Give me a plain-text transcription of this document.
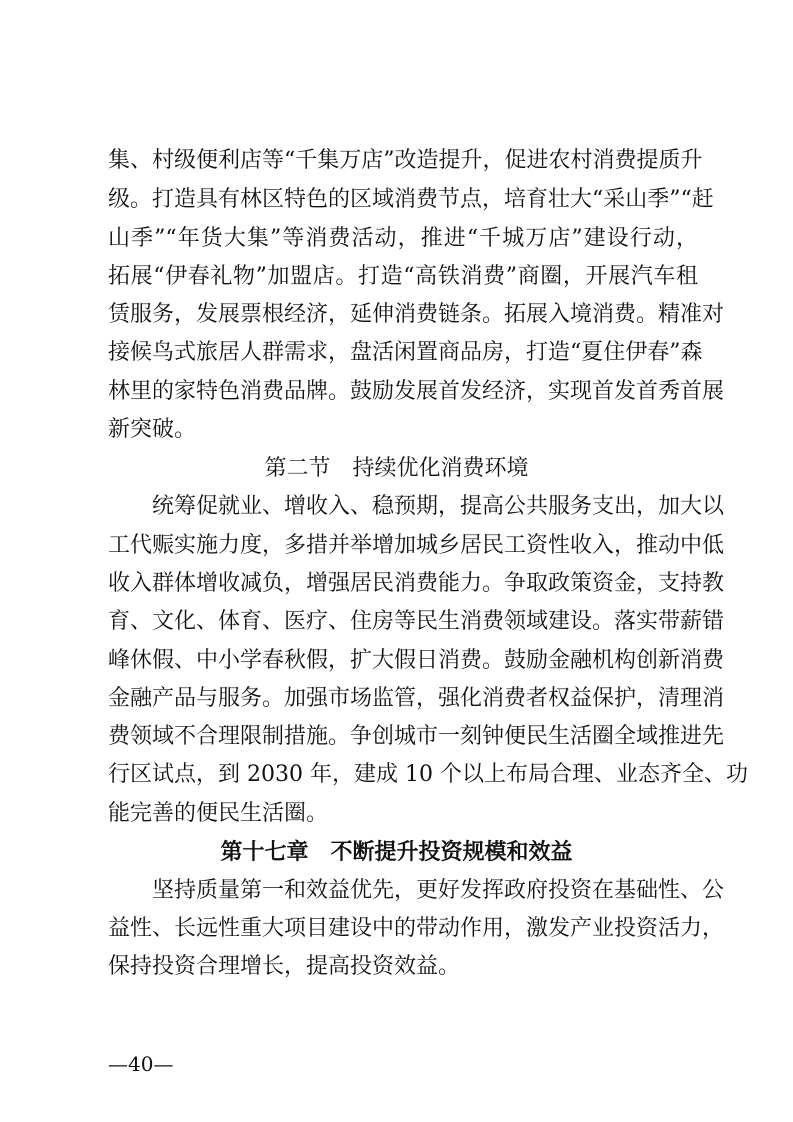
集、村级便利店等“千集万店”改造提升，促进农村消费提质升

级。打造具有林区特色的区域消费节点，培育壮大“采山季”“赶

山季”“年货大集”等消费活动，推进“千城万店”建设行动，

拓展“伊春礼物”加盟店。打造“高铁消费”商圈，开展汽车租

赁服务，发展票根经济，延伸消费链条。拓展入境消费。精准对

接候鸟式旅居人群需求，盘活闲置商品房，打造“夏住伊春”森

林里的家特色消费品牌。鼓励发展首发经济，实现首发首秀首展

新突破。

第二节　持续优化消费环境

统筹促就业、增收入、稳预期，提高公共服务支出，加大以

工代赈实施力度，多措并举增加城乡居民工资性收入，推动中低

收入群体增收减负，增强居民消费能力。争取政策资金，支持教

育、文化、体育、医疗、住房等民生消费领域建设。落实带薪错

峰休假、中小学春秋假，扩大假日消费。鼓励金融机构创新消费

金融产品与服务。加强市场监管，强化消费者权益保护，清理消

费领域不合理限制措施。争创城市一刻钟便民生活圈全域推进先

行区试点，到 2030 年，建成 10 个以上布局合理、业态齐全、功

能完善的便民生活圈。

第十七章　不断提升投资规模和效益

坚持质量第一和效益优先，更好发挥政府投资在基础性、公

益性、长远性重大项目建设中的带动作用，激发产业投资活力，

保持投资合理增长，提高投资效益。

—40—
